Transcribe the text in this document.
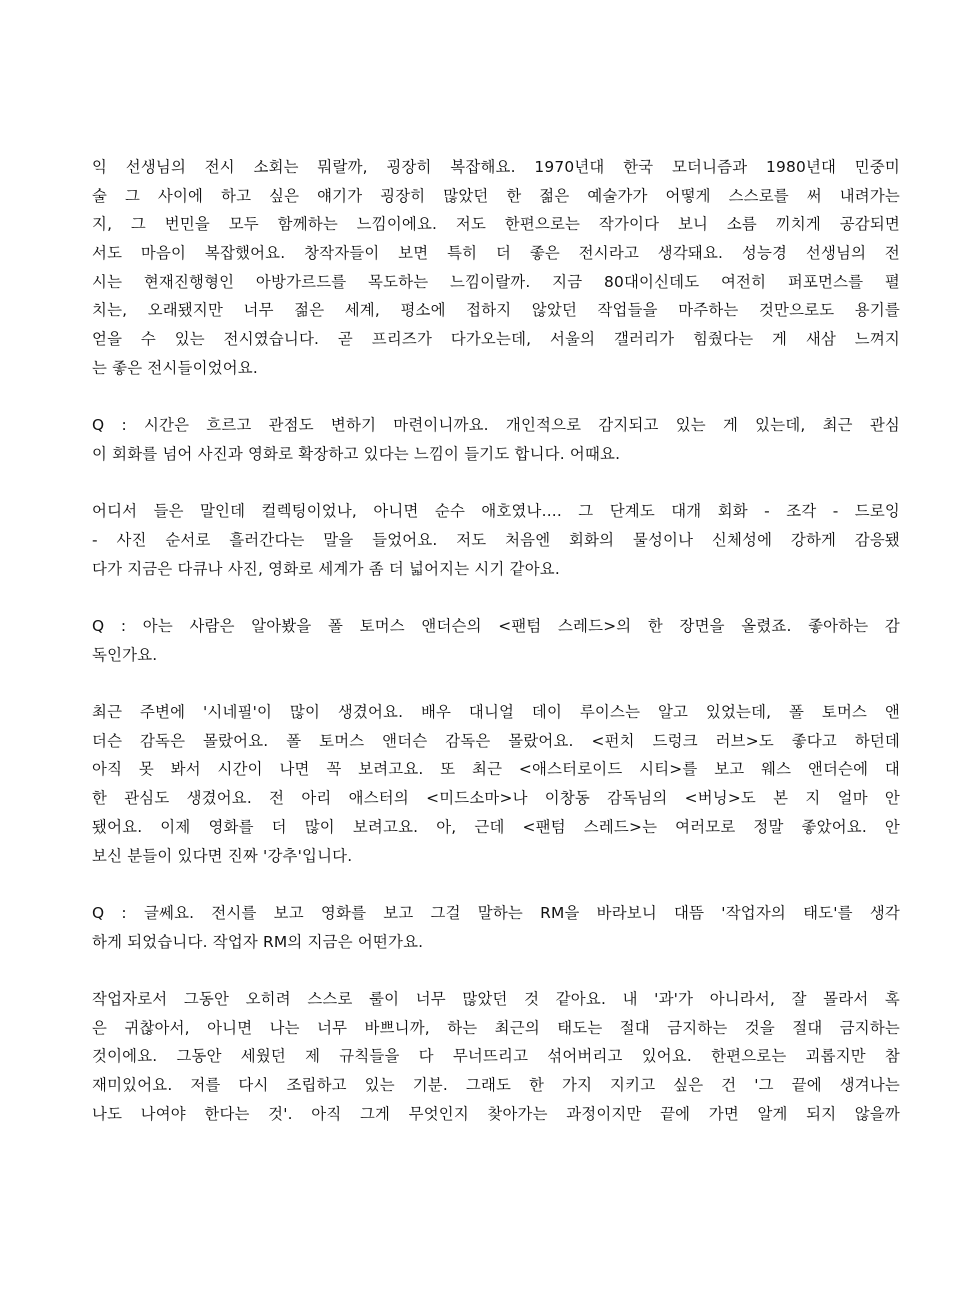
익 선생님의 전시 소회는 뭐랄까, 굉장히 복잡해요. 1970년대 한국 모더니즘과 1980년대 민중미
술 그 사이에 하고 싶은 얘기가 굉장히 많았던 한 젊은 예술가가 어떻게 스스로를 써 내려가는
지, 그 번민을 모두 함께하는 느낌이에요. 저도 한편으로는 작가이다 보니 소름 끼치게 공감되면
서도 마음이 복잡했어요. 창작자들이 보면 특히 더 좋은 전시라고 생각돼요. 성능경 선생님의 전
시는 현재진행형인 아방가르드를 목도하는 느낌이랄까. 지금 80대이신데도 여전히 퍼포먼스를 펼
치는, 오래됐지만 너무 젊은 세계, 평소에 접하지 않았던 작업들을 마주하는 것만으로도 용기를
얻을 수 있는 전시였습니다. 곧 프리즈가 다가오는데, 서울의 갤러리가 힘줬다는 게 새삼 느껴지
는 좋은 전시들이었어요.

Q : 시간은 흐르고 관점도 변하기 마련이니까요. 개인적으로 감지되고 있는 게 있는데, 최근 관심
이 회화를 넘어 사진과 영화로 확장하고 있다는 느낌이 들기도 합니다. 어때요.

어디서 들은 말인데 컬렉팅이었나, 아니면 순수 애호였나.... 그 단계도 대개 회화 - 조각 - 드로잉
- 사진 순서로 흘러간다는 말을 들었어요. 저도 처음엔 회화의 물성이나 신체성에 강하게 감응됐
다가 지금은 다큐나 사진, 영화로 세계가 좀 더 넓어지는 시기 같아요.

Q : 아는 사람은 알아봤을 폴 토머스 앤더슨의 <팬텀 스레드>의 한 장면을 올렸죠. 좋아하는 감
독인가요.

최근 주변에 '시네필'이 많이 생겼어요. 배우 대니얼 데이 루이스는 알고 있었는데, 폴 토머스 앤
더슨 감독은 몰랐어요. 폴 토머스 앤더슨 감독은 몰랐어요. <펀치 드렁크 러브>도 좋다고 하던데
아직 못 봐서 시간이 나면 꼭 보려고요. 또 최근 <애스터로이드 시티>를 보고 웨스 앤더슨에 대
한 관심도 생겼어요. 전 아리 애스터의 <미드소마>나 이창동 감독님의 <버닝>도 본 지 얼마 안
됐어요. 이제 영화를 더 많이 보려고요. 아, 근데 <팬텀 스레드>는 여러모로 정말 좋았어요. 안
보신 분들이 있다면 진짜 '강추'입니다.

Q : 글쎄요. 전시를 보고 영화를 보고 그걸 말하는 RM을 바라보니 대뜸 '작업자의 태도'를 생각
하게 되었습니다. 작업자 RM의 지금은 어떤가요.

작업자로서 그동안 오히려 스스로 룰이 너무 많았던 것 같아요. 내 '과'가 아니라서, 잘 몰라서 혹
은 귀찮아서, 아니면 나는 너무 바쁘니까, 하는 최근의 태도는 절대 금지하는 것을 절대 금지하는
것이에요. 그동안 세웠던 제 규칙들을 다 무너뜨리고 섞어버리고 있어요. 한편으로는 괴롭지만 참
재미있어요. 저를 다시 조립하고 있는 기분. 그래도 한 가지 지키고 싶은 건 '그 끝에 생겨나는
나도 나여야 한다는 것'. 아직 그게 무엇인지 찾아가는 과정이지만 끝에 가면 알게 되지 않을까
